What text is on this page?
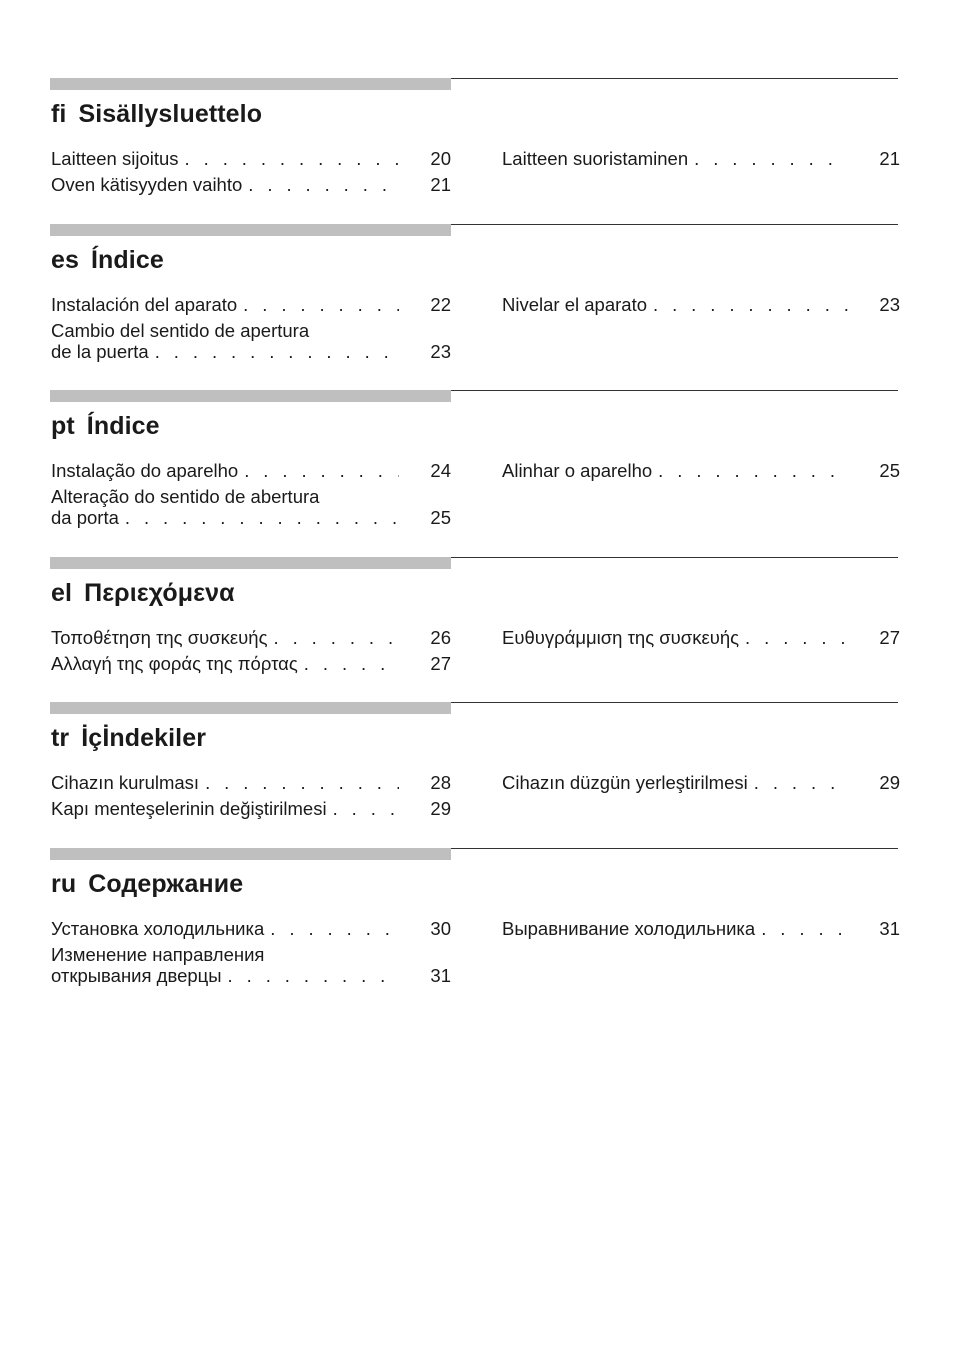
fi Sisällysluettelo
Laitteen sijoitus . . .	20
Oven kätisyyden vaihto . . .	21
Laitteen suoristaminen . . .	21
es Índice
Instalación del aparato . . .	22
Cambio del sentido de apertura
de la puerta . . .	23
Nivelar el aparato . . .	23
pt Índice
Instalação do aparelho . . .	24
Alteração do sentido de abertura
da porta . . .	25
Alinhar o aparelho . . .	25
el Περιεχόμενα
Τοποθέτηση της συσκευής . . .	26
Αλλαγή της φοράς της πόρτας . . .	27
Ευθυγράμμιση της συσκευής . . .	27
tr İçİndekiler
Cihazın kurulması . . .	28
Kapı menteşelerinin değiştirilmesi . . .	29
Cihazın düzgün yerleştirilmesi . . .	29
ru Содержание
Установка холодильника . . .	30
Изменение направления
открывания дверцы . . .	31
Выравнивание холодильника . . .	31
